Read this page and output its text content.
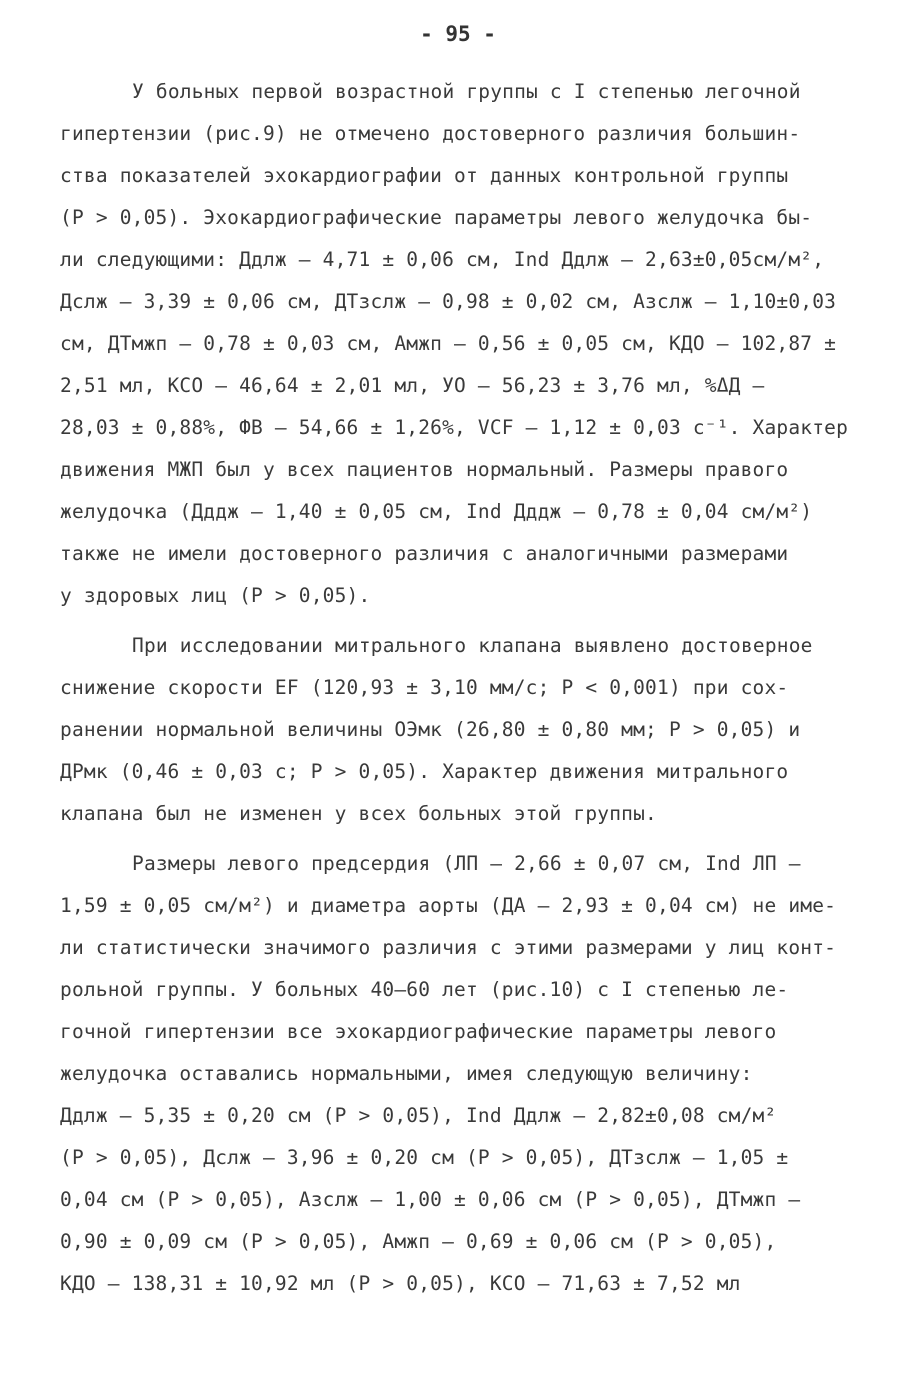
- 95 -
У больных первой возрастной группы с I степенью легочной
гипертензии (рис.9) не отмечено достоверного различия большин-
ства показателей эхокардиографии от данных контрольной группы
(P > 0,05). Эхокардиографические параметры левого желудочка бы-
ли следующими: Ддлж – 4,71 ± 0,06 см, Ind Ддлж – 2,63±0,05см/м²,
Дслж – 3,39 ± 0,06 см, ДТзслж – 0,98 ± 0,02 см, Азслж – 1,10±0,03
см, ДТмжп – 0,78 ± 0,03 см, Амжп – 0,56 ± 0,05 см, КДО – 102,87 ±
2,51 мл, КСО – 46,64 ± 2,01 мл, УО – 56,23 ± 3,76 мл, %ΔД –
28,03 ± 0,88%, ФВ – 54,66 ± 1,26%, VCF – 1,12 ± 0,03 с⁻¹. Характер
движения МЖП был у всех пациентов нормальный. Размеры правого
желудочка (Дддж – 1,40 ± 0,05 см, Ind Дддж – 0,78 ± 0,04 см/м²)
также не имели достоверного различия с аналогичными размерами
у здоровых лиц (P > 0,05).
При исследовании митрального клапана выявлено достоверное
снижение скорости EF (120,93 ± 3,10 мм/с; P < 0,001) при сох-
ранении нормальной величины ОЭмк (26,80 ± 0,80 мм; P > 0,05) и
ДРмк (0,46 ± 0,03 с; P > 0,05). Характер движения митрального
клапана был не изменен у всех больных этой группы.
Размеры левого предсердия (ЛП – 2,66 ± 0,07 см, Ind ЛП –
1,59 ± 0,05 см/м²) и диаметра аорты (ДА – 2,93 ± 0,04 см) не име-
ли статистически значимого различия с этими размерами у лиц конт-
рольной группы. У больных 40–60 лет (рис.10) с I степенью ле-
гочной гипертензии все эхокардиографические параметры левого
желудочка оставались нормальными, имея следующую величину:
Ддлж – 5,35 ± 0,20 см (P > 0,05), Ind Ддлж – 2,82±0,08 см/м²
(P > 0,05), Дслж – 3,96 ± 0,20 см (P > 0,05), ДТзслж – 1,05 ±
0,04 см (P > 0,05), Азслж – 1,00 ± 0,06 см (P > 0,05), ДТмжп –
0,90 ± 0,09 см (P > 0,05), Амжп – 0,69 ± 0,06 см (P > 0,05),
КДО – 138,31 ± 10,92 мл (P > 0,05), КСО – 71,63 ± 7,52 мл
